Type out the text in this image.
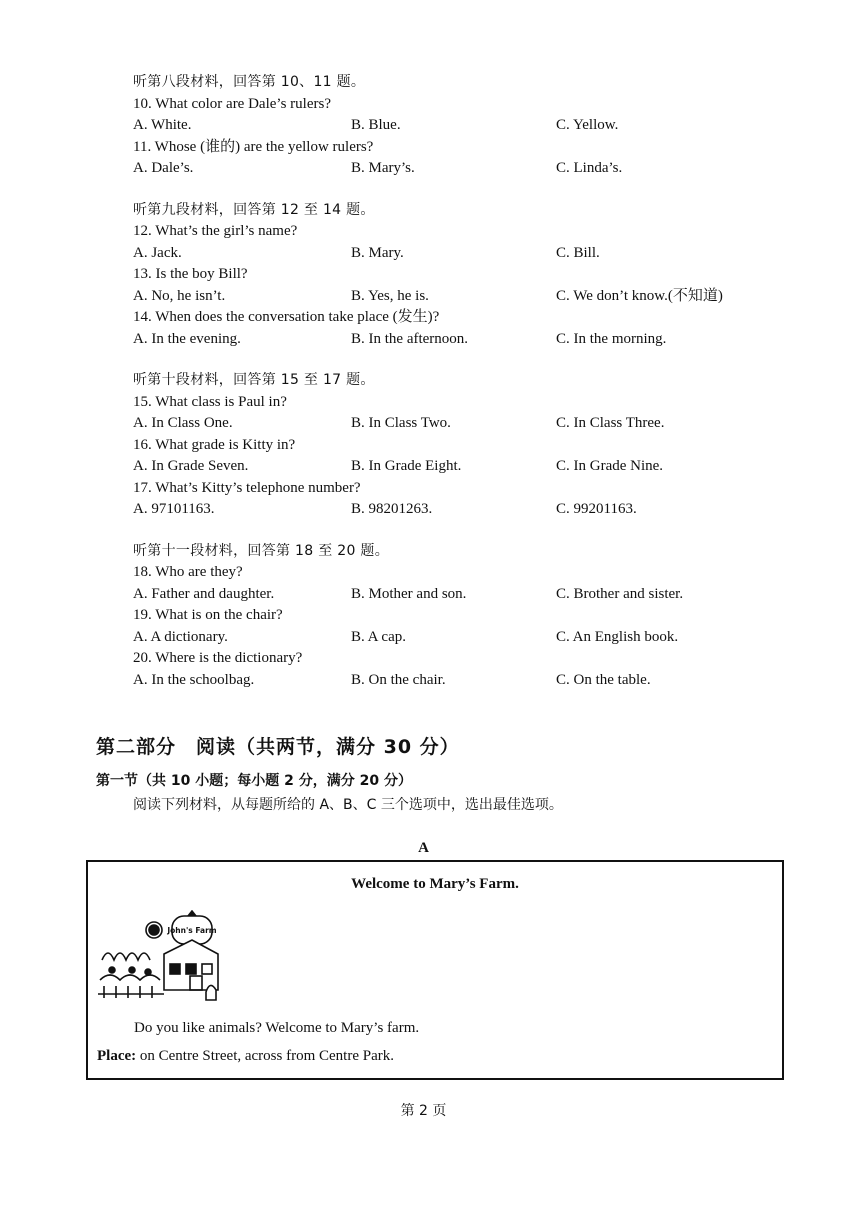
听第八段材料，回答第 10、11 题。
10. What color are Dale’s rulers?
A. White.	B. Blue.	C. Yellow.
11. Whose (谁的) are the yellow rulers?
A. Dale’s.	B. Mary’s.	C. Linda’s.
听第九段材料，回答第 12 至 14 题。
12. What’s the girl’s name?
A. Jack.	B. Mary.	C. Bill.
13. Is the boy Bill?
A. No, he isn’t.	B. Yes, he is.	C. We don’t know.(不知道)
14. When does the conversation take place (发生)?
A. In the evening.	B. In the afternoon.	C. In the morning.
听第十段材料，回答第 15 至 17 题。
15. What class is Paul in?
A. In Class One.	B. In Class Two.	C. In Class Three.
16. What grade is Kitty in?
A. In Grade Seven.	B. In Grade Eight.	C. In Grade Nine.
17. What’s Kitty’s telephone number?
A. 97101163.	B. 98201263.	C. 99201163.
听第十一段材料，回答第 18 至 20 题。
18. Who are they?
A. Father and daughter.	B. Mother and son.	C. Brother and sister.
19. What is on the chair?
A. A dictionary.	B. A cap.	C. An English book.
20. Where is the dictionary?
A. In the schoolbag.	B. On the chair.	C. On the table.
第二部分　阅读（共两节，满分 30 分）
第一节（共 10 小题；每小题 2 分，满分 20 分）
阅读下列材料，从每题所给的 A、B、C 三个选项中，选出最佳选项。
A
Welcome to Mary’s Farm.
John's Farm
Do you like animals? Welcome to Mary’s farm.
Place: on Centre Street, across from Centre Park.
第 2 页
